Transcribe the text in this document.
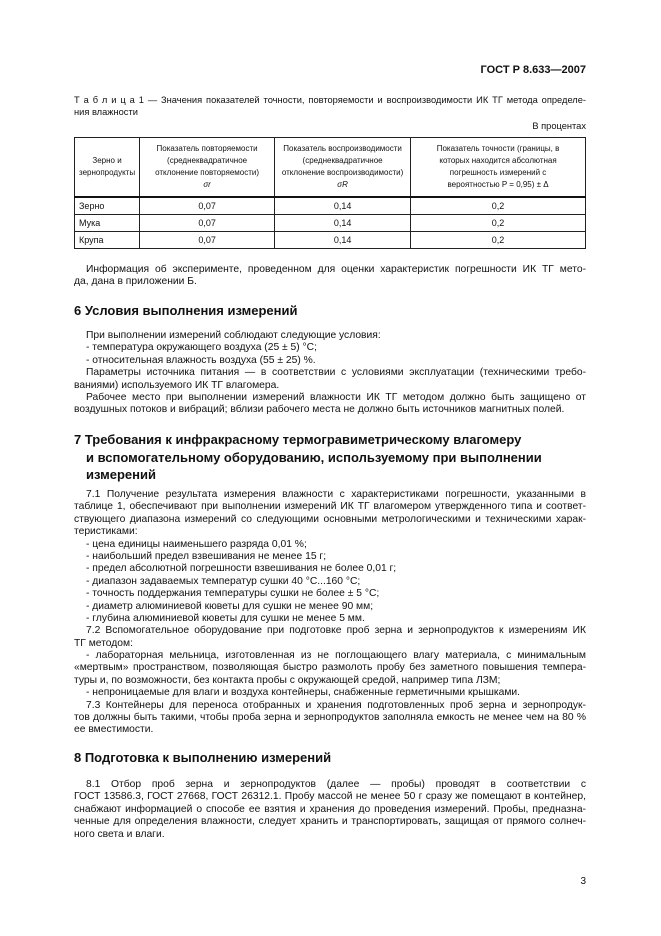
ГОСТ Р 8.633—2007
Т а б л и ц а 1 — Значения показателей точности, повторяемости и воспроизводимости ИК ТГ метода определе-
ния влажности
В процентах
Зерно и
зернопродукты	Показатель повторяемости
(среднеквадратичное
отклонение повторяемости)
σr	Показатель воспроизводимости
(среднеквадратичное
отклонение воспроизводимости)
σR	Показатель точности (границы, в
которых находится абсолютная
погрешность измерений с
вероятностью P = 0,95) ± Δ
Зерно	0,07	0,14	0,2
Мука	0,07	0,14	0,2
Крупа	0,07	0,14	0,2
Информация об эксперименте, проведенном для оценки характеристик погрешности ИК ТГ мето-
да, дана в приложении Б.
6 Условия выполнения измерений
При выполнении измерений соблюдают следующие условия:
- температура окружающего воздуха (25 ± 5) °С;
- относительная влажность воздуха (55 ± 25) %.
Параметры источника питания — в соответствии с условиями эксплуатации (техническими требо-
ваниями) используемого ИК ТГ влагомера.
Рабочее место при выполнении измерений влажности ИК ТГ методом должно быть защищено от
воздушных потоков и вибраций; вблизи рабочего места не должно быть источников магнитных полей.
7 Требования к инфракрасному термогравиметрическому влагомеру
и вспомогательному оборудованию, используемому при выполнении
измерений
7.1 Получение результата измерения влажности с характеристиками погрешности, указанными в
таблице 1, обеспечивают при выполнении измерений ИК ТГ влагомером утвержденного типа и соответ-
ствующего диапазона измерений со следующими основными метрологическими и техническими харак-
теристиками:
- цена единицы наименьшего разряда 0,01 %;
- наибольший предел взвешивания не менее 15 г;
- предел абсолютной погрешности взвешивания не более 0,01 г;
- диапазон задаваемых температур сушки 40 °С...160 °С;
- точность поддержания температуры сушки не более ± 5 °С;
- диаметр алюминиевой кюветы для сушки не менее 90 мм;
- глубина алюминиевой кюветы для сушки не менее 5 мм.
7.2 Вспомогательное оборудование при подготовке проб зерна и зернопродуктов к измерениям ИК
ТГ методом:
- лабораторная мельница, изготовленная из не поглощающего влагу материала, с минимальным
«мертвым» пространством, позволяющая быстро размолоть пробу без заметного повышения темпера-
туры и, по возможности, без контакта пробы с окружающей средой, например типа ЛЗМ;
- непроницаемые для влаги и воздуха контейнеры, снабженные герметичными крышками.
7.3 Контейнеры для переноса отобранных и хранения подготовленных проб зерна и зернопродук-
тов должны быть такими, чтобы проба зерна и зернопродуктов заполняла емкость не менее чем на 80 %
ее вместимости.
8 Подготовка к выполнению измерений
8.1 Отбор проб зерна и зернопродуктов (далее — пробы) проводят в соответствии с
ГОСТ 13586.3, ГОСТ 27668, ГОСТ 26312.1. Пробу массой не менее 50 г сразу же помещают в контейнер,
снабжают информацией о способе ее взятия и хранения до проведения измерений. Пробы, предназна-
ченные для определения влажности, следует хранить и транспортировать, защищая от прямого солнеч-
ного света и влаги.
3
